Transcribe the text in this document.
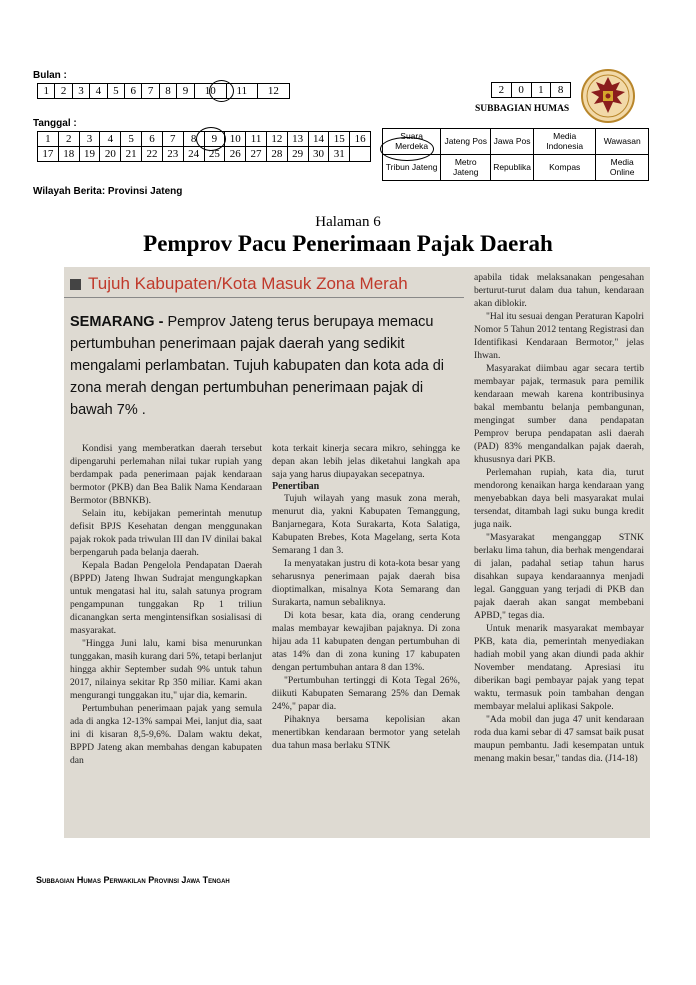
Bulan :
1	2	3	4	5	6	7	8	9	10	11	12
Tanggal :
1	2	3	4	5	6	7	8	9	10	11	12	13	14	15	16
17	18	19	20	21	22	23	24	25	26	27	28	29	30	31	
Wilayah Berita: Provinsi Jateng
2	0	1	8
SUBBAGIAN HUMAS
Suara Merdeka	Jateng Pos	Jawa Pos	Media Indonesia	Wawasan
Tribun Jateng	Metro Jateng	Republika	Kompas	Media Online
Halaman 6
Pemprov Pacu Penerimaan Pajak Daerah
Tujuh Kabupaten/Kota Masuk Zona Merah
SEMARANG - Pemprov Jateng terus berupaya memacu pertumbuhan penerimaan pajak daerah yang sedikit mengalami perlambatan. Tujuh kabupaten dan kota ada di zona merah dengan pertumbuhan penerimaan pajak di bawah 7% .

Kondisi yang memberatkan daerah tersebut dipengaruhi perlemahan nilai tukar rupiah yang berdampak pada penerimaan pajak kendaraan bermotor (PKB) dan Bea Balik Nama Kendaraan Bermotor (BBNKB).

Selain itu, kebijakan pemerintah menutup defisit BPJS Kesehatan dengan menggunakan pajak rokok pada triwulan III dan IV dinilai bakal berpengaruh pada belanja daerah.

Kepala Badan Pengelola Pendapatan Daerah (BPPD) Jateng Ihwan Sudrajat mengungkapkan untuk mengatasi hal itu, salah satunya program pengampunan tunggakan Rp 1 triliun dicanangkan serta mengintensifkan sosialisasi di masyarakat.

"Hingga Juni lalu, kami bisa menurunkan tunggakan, masih kurang dari 5%, tetapi berlanjut hingga akhir September sudah 9% untuk tahun 2017, nilainya sekitar Rp 350 miliar. Kami akan mengurangi tunggakan itu," ujar dia, kemarin.

Pertumbuhan penerimaan pajak yang semula ada di angka 12-13% sampai Mei, lanjut dia, saat ini di kisaran 8,5-9,6%. Dalam waktu dekat, BPPD Jateng akan membahas dengan kabupaten dan

kota terkait kinerja secara mikro, sehingga ke depan akan lebih jelas diketahui langkah apa saja yang harus diupayakan secepatnya.

Penertiban

Tujuh wilayah yang masuk zona merah, menurut dia, yakni Kabupaten Temanggung, Banjarnegara, Kota Surakarta, Kota Salatiga, Kabupaten Brebes, Kota Magelang, serta Kota Semarang 1 dan 3.

Ia menyatakan justru di kota-kota besar yang seharusnya penerimaan pajak daerah bisa dioptimalkan, misalnya Kota Semarang dan Surakarta, namun sebaliknya.

Di kota besar, kata dia, orang cenderung malas membayar kewajiban pajaknya. Di zona hijau ada 11 kabupaten dengan pertumbuhan di atas 14% dan di zona kuning 17 kabupaten dengan pertumbuhan antara 8 dan 13%.

"Pertumbuhan tertinggi di Kota Tegal 26%, diikuti Kabupaten Semarang 25% dan Demak 24%," papar dia.

Pihaknya bersama kepolisian akan menertibkan kendaraan bermotor yang setelah dua tahun masa berlaku STNK

apabila tidak melaksanakan pengesahan berturut-turut dalam dua tahun, kendaraan akan diblokir.

"Hal itu sesuai dengan Peraturan Kapolri Nomor 5 Tahun 2012 tentang Registrasi dan Identifikasi Kendaraan Bermotor," jelas Ihwan.

Masyarakat diimbau agar secara tertib membayar pajak, termasuk para pemilik kendaraan mewah karena kontribusinya bakal membantu belanja pembangunan, mengingat sumber dana pendapatan Pemprov berupa pendapatan asli daerah (PAD) 83% mengandalkan pajak daerah, khususnya dari PKB.

Perlemahan rupiah, kata dia, turut mendorong kenaikan harga kendaraan yang menyebabkan daya beli masyarakat mulai tersendat, ditambah lagi suku bunga kredit juga naik.

"Masyarakat menganggap STNK berlaku lima tahun, dia berhak mengendarai di jalan, padahal setiap tahun harus disahkan supaya kendaraannya menjadi legal. Gangguan yang terjadi di PKB dan pajak daerah akan sangat membebani APBD," tegas dia.

Untuk menarik masyarakat membayar PKB, kata dia, pemerintah menyediakan hadiah mobil yang akan diundi pada akhir November mendatang. Apresiasi itu diberikan bagi pembayar pajak yang tepat waktu, termasuk poin tambahan dengan membayar melalui aplikasi Sakpole.

"Ada mobil dan juga 47 unit kendaraan roda dua kami sebar di 47 samsat baik pusat maupun pembantu. Jadi kesempatan untuk menang makin besar," tandas dia. (J14-18)

Subbagian Humas Perwakilan Provinsi Jawa Tengah
